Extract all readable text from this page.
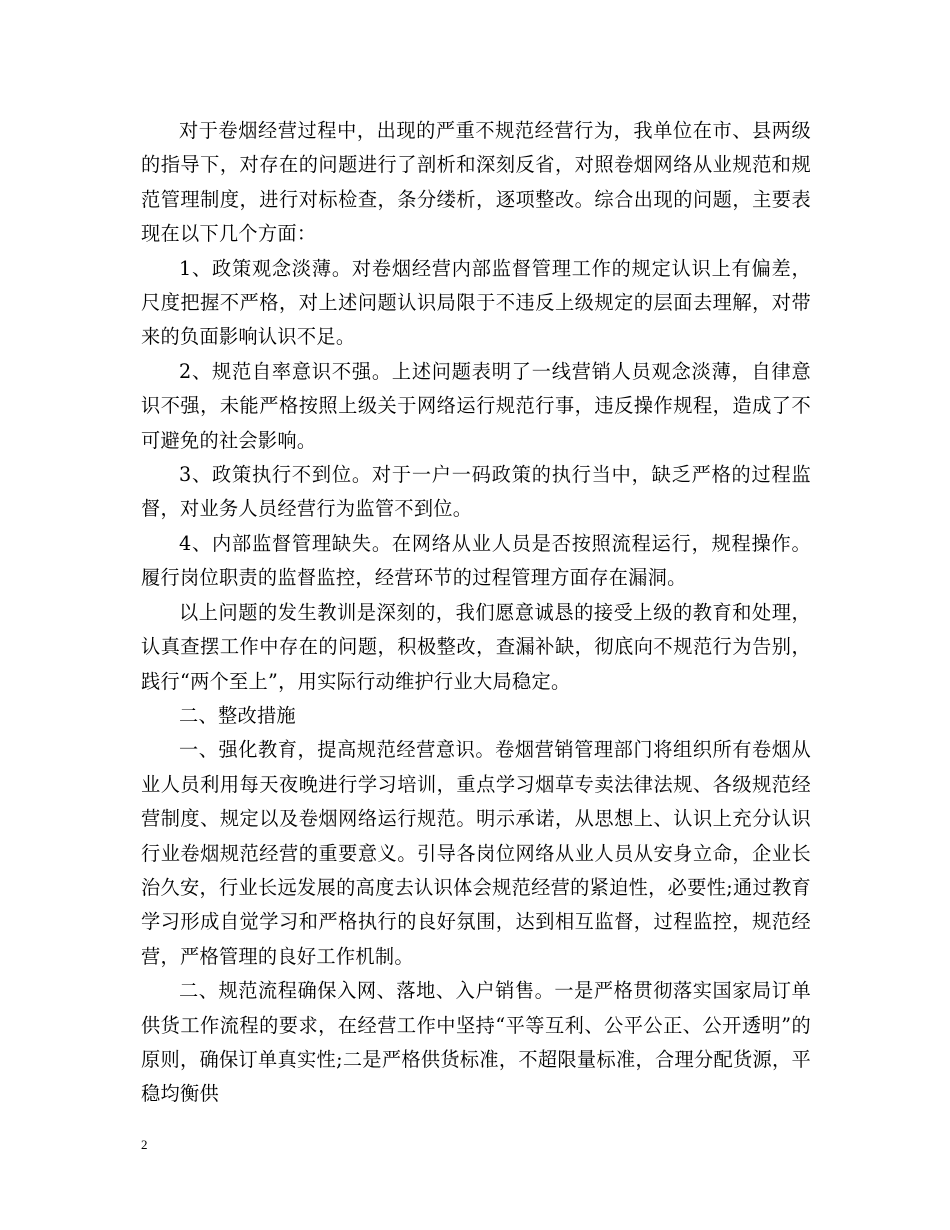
对于卷烟经营过程中，出现的严重不规范经营行为，我单位在市、县两级的指导下，对存在的问题进行了剖析和深刻反省，对照卷烟网络从业规范和规范管理制度，进行对标检查，条分缕析，逐项整改。综合出现的问题，主要表现在以下几个方面：

1、政策观念淡薄。对卷烟经营内部监督管理工作的规定认识上有偏差，尺度把握不严格，对上述问题认识局限于不违反上级规定的层面去理解，对带来的负面影响认识不足。

2、规范自率意识不强。上述问题表明了一线营销人员观念淡薄，自律意识不强，未能严格按照上级关于网络运行规范行事，违反操作规程，造成了不可避免的社会影响。

3、政策执行不到位。对于一户一码政策的执行当中，缺乏严格的过程监督，对业务人员经营行为监管不到位。

4、内部监督管理缺失。在网络从业人员是否按照流程运行，规程操作。履行岗位职责的监督监控，经营环节的过程管理方面存在漏洞。

以上问题的发生教训是深刻的，我们愿意诚恳的接受上级的教育和处理，认真查摆工作中存在的问题，积极整改，查漏补缺，彻底向不规范行为告别，践行“两个至上”，用实际行动维护行业大局稳定。

二、整改措施

一、强化教育，提高规范经营意识。卷烟营销管理部门将组织所有卷烟从业人员利用每天夜晚进行学习培训，重点学习烟草专卖法律法规、各级规范经营制度、规定以及卷烟网络运行规范。明示承诺，从思想上、认识上充分认识行业卷烟规范经营的重要意义。引导各岗位网络从业人员从安身立命，企业长治久安，行业长远发展的高度去认识体会规范经营的紧迫性，必要性;通过教育学习形成自觉学习和严格执行的良好氛围，达到相互监督，过程监控，规范经营，严格管理的良好工作机制。

二、规范流程确保入网、落地、入户销售。一是严格贯彻落实国家局订单供货工作流程的要求，在经营工作中坚持“平等互利、公平公正、公开透明”的原则，确保订单真实性;二是严格供货标准，不超限量标准，合理分配货源，平稳均衡供

2
